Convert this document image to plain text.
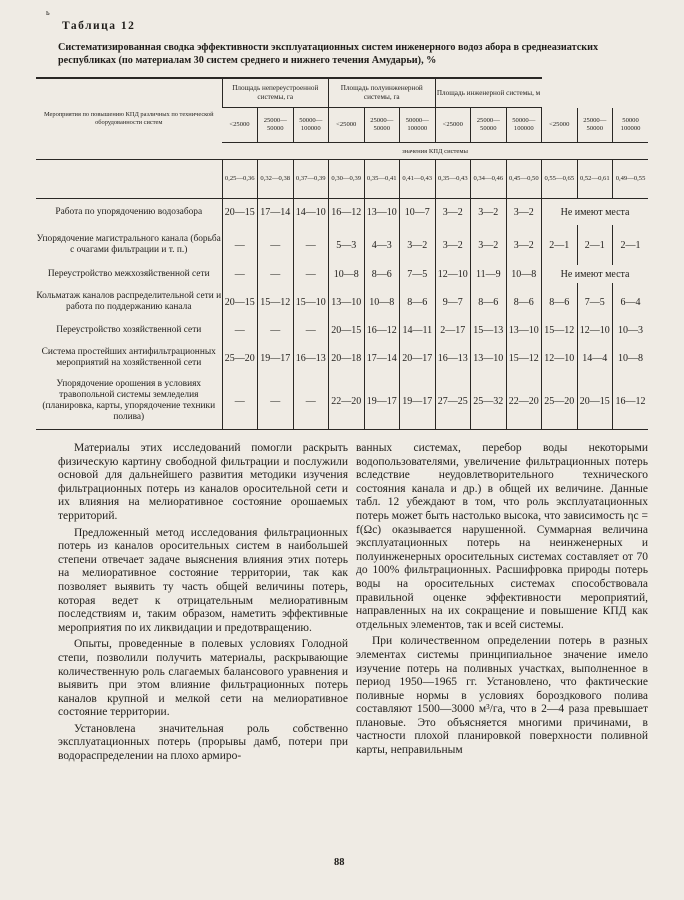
ь
Таблица 12
Систематизированная сводка эффективности эксплуатационных систем инженерного водоз абора в среднеазиатских республиках (по материалам 30 систем среднего и нижнего течения Амударьи), %
Мероприятия по повышению КПД различных по технической оборудованности систем	Площадь непереустроенной системы, га			Площадь полуинженерной системы, га			Площадь инженерной системы, м					
	<25000	25000—50000	50000—100000	<25000	25000—50000	50000—100000	<25000	25000—50000	50000—100000	<25000	25000—50000	50000 100000
	значения КПД системы											
	0,25—0,36	0,32—0,38	0,37—0,39	0,30—0,39	0,35—0,41	0,41—0,43	0,35—0,43	0,34—0,46	0,45—0,50	0,55—0,65	0,52—0,61	0,49—0,55
Работа по упорядочению водозабора	20—15	17—14	14—10	16—12	13—10	10—7	3—2	3—2	3—2	Не имеют места		
Упорядочение магистрального канала (борьба с очагами фильтрации и т. п.)	—	—	—	5—3	4—3	3—2	3—2	3—2	3—2	2—1	2—1	2—1
Переустройство межхозяйственной сети	—	—	—	10—8	8—6	7—5	12—10	11—9	10—8	Не имеют места		
Кольматаж каналов распределительной сети и работа по поддержанию канала	20—15	15—12	15—10	13—10	10—8	8—6	9—7	8—6	8—6	8—6	7—5	6—4
Переустройство хозяйственной сети	—	—	—	20—15	16—12	14—11	2—17	15—13	13—10	15—12	12—10	10—3
Система простейших антифильтрационных мероприятий на хозяйственной сети	25—20	19—17	16—13	20—18	17—14	20—17	16—13	13—10	15—12	12—10	14—4	10—8
Упорядочение орошения в условиях травопольной системы земледелия (планировка, карты, упорядочение техники полива)	—	—	—	22—20	19—17	19—17	27—25	25—32	22—20	25—20	20—15	16—12

Материалы этих исследований помогли раскрыть физическую картину свободной фильтрации и послужили основой для дальнейшего развития методики изучения фильтрационных потерь из каналов оросительной сети и их влияния на мелиоративное состояние орошаемых территорий.

Предложенный метод исследования фильтрационных потерь из каналов оросительных систем в наибольшей степени отвечает задаче выяснения влияния этих потерь на мелиоративное состояние территории, так как позволяет выявить ту часть общей величины потерь, которая ведет к отрицательным мелиоративным последствиям и, таким образом, наметить эффективные мероприятия по их ликвидации и предотвращению.

Опыты, проведенные в полевых условиях Голодной степи, позволили получить материалы, раскрывающие количественную роль слагаемых балансового уравнения и выявить при этом влияние фильтрационных потерь каналов крупной и мелкой сети на мелиоративное состояние территории.

Установлена значительная роль собственно эксплуатационных потерь (прорывы дамб, потери при водораспределении на плохо армиро-

ванных системах, перебор воды некоторыми водопользователями, увеличение фильтрационных потерь вследствие неудовлетворительного технического состояния канала и др.) в общей их величине. Данные табл. 12 убеждают в том, что роль эксплуатационных потерь может быть настолько высока, что зависимость ηc = f(Ωc) оказывается нарушенной. Суммарная величина эксплуатационных потерь на неинженерных и полуинженерных оросительных системах составляет от 70 до 100% фильтрационных. Расшифровка природы потерь воды на оросительных системах способствовала правильной оценке эффективности мероприятий, направленных на их сокращение и повышение КПД как отдельных элементов, так и всей системы.

При количественном определении потерь в разных элементах системы принципиальное значение имело изучение потерь на поливных участках, выполненное в период 1950—1965 гг. Установлено, что фактические поливные нормы в условиях бороздкового полива составляют 1500—3000 м³/га, что в 2—4 раза превышает плановые. Это объясняется многими причинами, в частности плохой планировкой поверхности поливной карты, неправильным

88
